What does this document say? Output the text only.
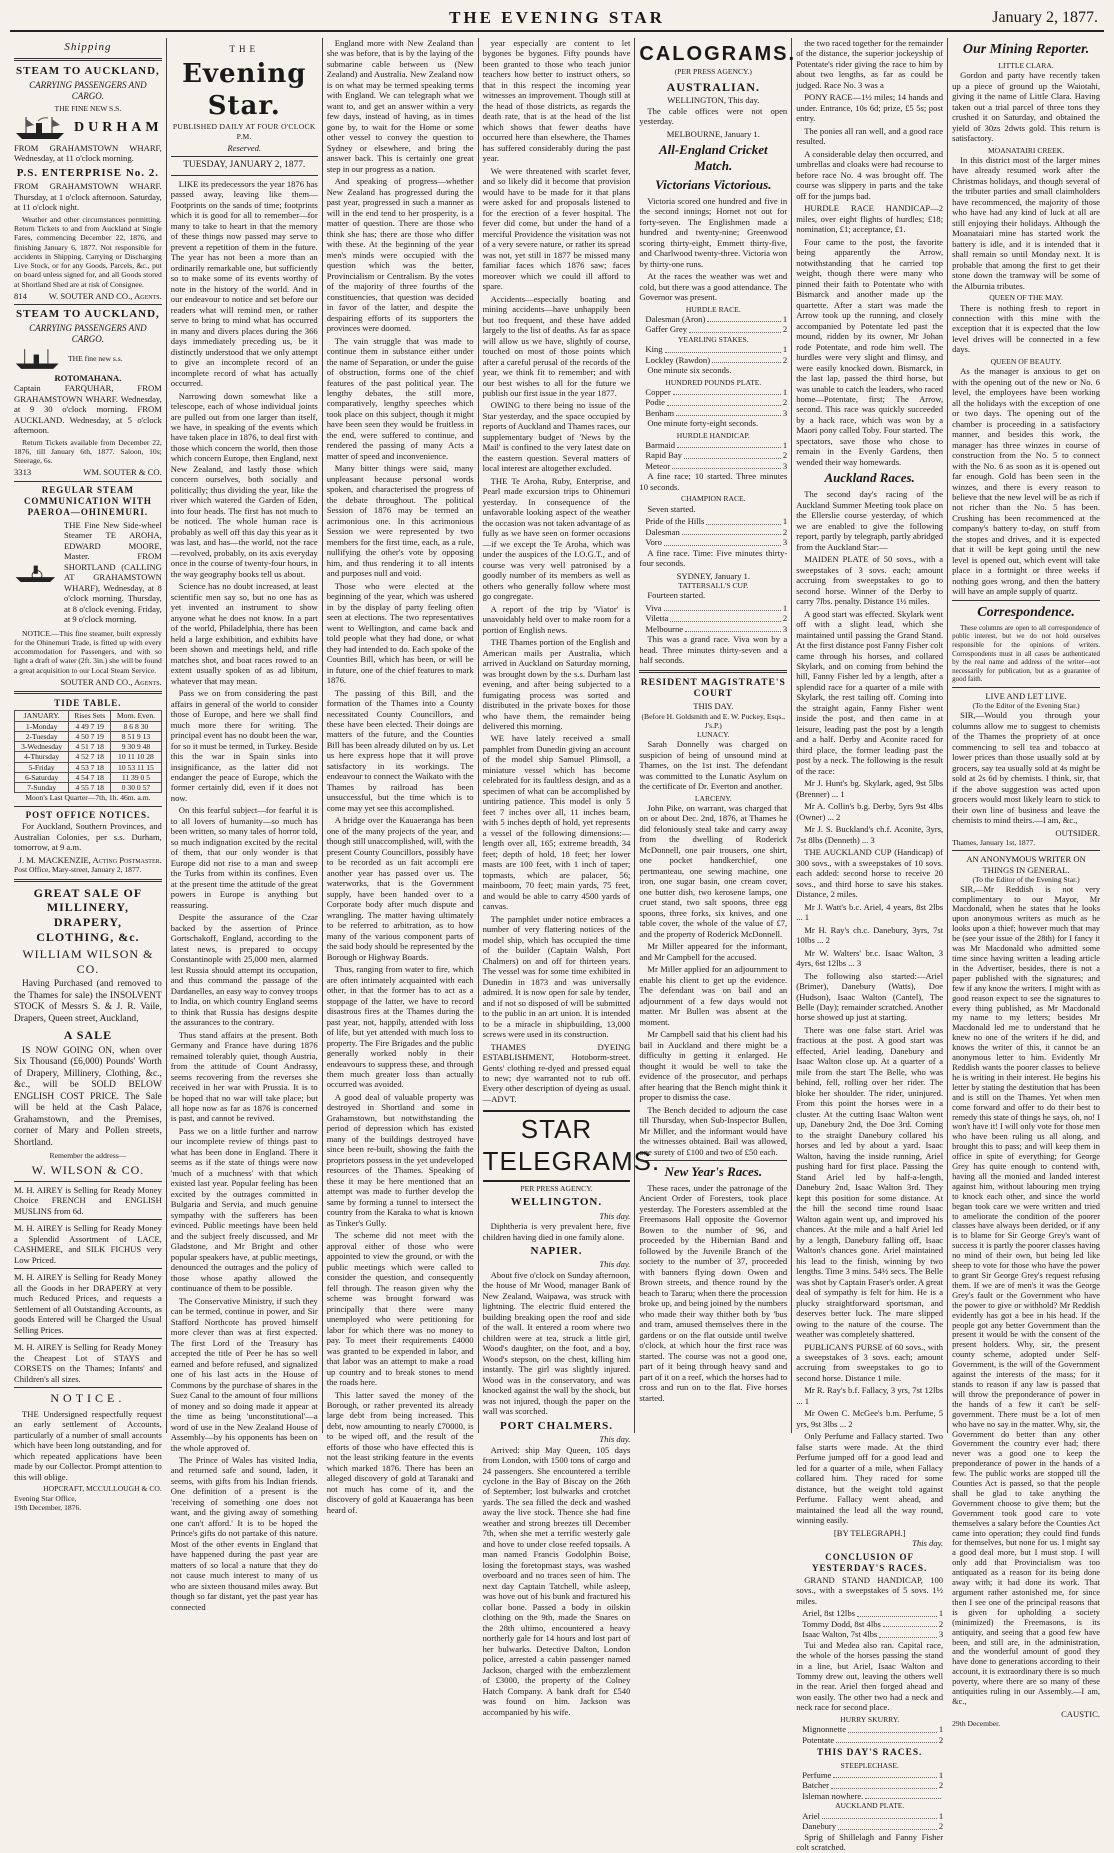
THE EVENING STAR	January 2, 1877.
Shipping
STEAM TO AUCKLAND,
CARRYING PASSENGERS AND CARGO.
THE FINE NEW S.S.
DURHAM

FROM GRAHAMSTOWN WHARF, Wednesday, at 11 o'clock morning.

P.S. ENTERPRISE No. 2.

FROM GRAHAMSTOWN WHARF. Thursday, at 1 o'clock afternoon. Saturday, at 11 o'clock night.

Weather and other circumstances permitting. Return Tickets to and from Auckland at Single Fares, commencing December 22, 1876, and finishing January 6, 1877. Not responsible for accidents in Shipping, Carrying or Discharging Live Stock, or for any Goods, Parcels, &c., put on board unless signed for, and all Goods stored at Shortland Shed are at risk of Consignee.

814	W. SOUTER AND CO., Agents.
STEAM TO AUCKLAND,
CARRYING PASSENGERS AND CARGO.
THE fine new s.s.
ROTOMAHANA.

Captain FARQUHAR, FROM GRAHAMSTOWN WHARF. Wednesday, at 9 30 o'clock morning. FROM AUCKLAND. Wednesday, at 5 o'clock afternoon.

Return Tickets available from December 22, 1876, till January 6th, 1877. Saloon, 10s; Steerage, 6s.

3313	WM. SOUTER & CO.
REGULAR STEAM COMMUNICATION WITH PAEROA—OHINEMURI.

THE Fine New Side-wheel Steamer TE AROHA, EDWARD MOORE, Master. FROM SHORTLAND (CALLING AT GRAHAMSTOWN WHARF), Wednesday, at 8 o'clock morning. Thursday, at 8 o'clock evening. Friday, at 9 o'clock morning.

NOTICE.—This fine steamer, built expressly for the Ohinemuri Trade, is fitted up with every accommodation for Passengers, and with so light a draft of water (2ft. 3in.) she will be found a great acquisition to our Local Steam Service.

SOUTER AND CO., Agents.
TIDE TABLE.
JANUARY.	Rises Sets	Morn. Even.
1-Monday	4 49 7 19	8 6 8 30
2-Tuesday	4 50 7 19	8 51 9 13
3-Wednesday	4 51 7 18	9 30 9 48
4-Thursday	4 52 7 18	10 11 10 28
5-Friday	4 53 7 18	10 53 11 15
6-Saturday	4 54 7 18	11 39 0 5
7-Sunday	4 55 7 18	0 30 0 57
Moon's Last Quarter—7th, 1h. 46m. a.m.
POST OFFICE NOTICES.

For Auckland, Southern Provinces, and Australian Colonies, per s.s. Durham, tomorrow, at 9 a.m.

J. M. MACKENZIE, Acting Postmaster.
Post Office, Mary-street, January 2, 1877.
GREAT SALE OF MILLINERY, DRAPERY, CLOTHING, &c.
WILLIAM WILSON & CO.

Having Purchased (and removed to the Thames for sale) the INSOLVENT STOCK of Messrs S. & J. R. Vaile, Drapers, Queen street, Auckland,

A SALE

IS NOW GOING ON, when over Six Thousand (£6,000) Pounds' Worth of Drapery, Millinery, Clothing, &c., &c., will be SOLD BELOW ENGLISH COST PRICE. The Sale will be held at the Cash Palace, Grahamstown, and the Premises, corner of Mary and Pollen streets, Shortland.

Remember the address—
W. WILSON & CO.

M. H. AIREY is Selling for Ready Money Choice FRENCH and ENGLISH MUSLINS from 6d.

M. H. AIREY is Selling for Ready Money a Splendid Assortment of LACE, CASHMERE, and SILK FICHUS very Low Priced.

M. H. AIREY is Selling for Ready Money all the Goods in her DRAPERY at very much Reduced Prices, and requests a Settlement of all Outstanding Accounts, as goods Entered will be Charged the Usual Selling Prices.

M. H. AIREY is Selling for Ready Money the Cheapest Lot of STAYS and CORSETS on the Thames; Infants' and Children's all sizes.

NOTICE.

THE Undersigned respectfully request an early settlement of Accounts, particularly of a number of small accounts which have been long outstanding, and for which repeated applications have been made by our Collector. Prompt attention to this will oblige.

HOPCRAFT, MCCULLOUGH & CO.
Evening Star Office,
19th December, 1876.
THE
Evening Star.
PUBLISHED DAILY AT FOUR O'CLOCK P.M.
Reserved.
TUESDAY, JANUARY 2, 1877.

LIKE its predecessors the year 1876 has passed away, leaving like them— Footprints on the sands of time; footprints which it is good for all to remember—for many to take to heart in that the memory of these things now passed may serve to prevent a repetition of them in the future. The year has not been a more than an ordinarily remarkable one, but sufficiently so to make some of its events worthy of note in the history of the world. And in our endeavour to notice and set before our readers what will remind men, or rather serve to bring to mind what has occurred in many and divers places during the 366 days immediately preceding us, be it distinctly understood that we only attempt to give an incomplete record of an incomplete record of what has actually occurred.

Narrowing down somewhat like a telescope, each of whose individual joints are pulled out from one larger than itself, we have, in speaking of the events which have taken place in 1876, to deal first with those which concern the world, then those which concern Europe, then England, next New Zealand, and lastly those which concern ourselves, both socially and politically; thus dividing the year, like the river which watered the Garden of Eden, into four heads. The first has not much to be noticed. The whole human race is probably as well off this day this year as it was last, and has—the world, not the race—revolved, probably, on its axis everyday once in the course of twenty-four hours, in the way geography books tell us about.

Science has no doubt increased, at least scientific men say so, but no one has as yet invented an instrument to show anyone what he does not know. In a part of the world, Philadelphia, there has been held a large exhibition, and exhibits have been shown and meetings held, and rifle matches shot, and boat races rowed to an extent usually spoken of as ad libitum, whatever that may mean.

Pass we on from considering the past affairs in general of the world to consider those of Europe, and here we shall find much more there for writing. The principal event has no doubt been the war, for so it must be termed, in Turkey. Beside this the war in Spain sinks into insignificance, as the latter did not endanger the peace of Europe, which the former certainly did, even if it does not now.

On this fearful subject—for fearful it is to all lovers of humanity—so much has been written, so many tales of horror told, so much indignation excited by the recital of them, that our only wonder is that Europe did not rise to a man and sweep the Turks from within its confines. Even at the present time the attitude of the great powers in Europe is anything but reassuring.

Despite the assurance of the Czar backed by the assertion of Prince Gortschakoff, England, according to the latest news, is prepared to occupy Constantinople with 25,000 men, alarmed lest Russia should attempt its occupation, and thus command the passage of the Dardanelles, an easy way to convey troops to India, on which country England seems to think that Russia has designs despite the assurances to the contrary.

Thus stand affairs at the present. Both Germany and France have during 1876 remained tolerably quiet, though Austria, from the attitude of Count Andrassy, seems recovering from the reverses she received in her war with Prussia. It is to be hoped that no war will take place; but all hope now as far as 1876 is concerned is past, and cannot be revived.

Pass we on a little further and narrow our incomplete review of things past to what has been done in England. There it seems as if the state of things were now 'much of a muchness' with that which existed last year. Popular feeling has been excited by the outrages committed in Bulgaria and Servia, and much genuine sympathy with the sufferers has been evinced. Public meetings have been held and the subject freely discussed, and Mr Gladstone, and Mr Bright and other popular speakers have, at public meetings, denounced the outrages and the policy of those whose apathy allowed the continuance of them to be possible.

The Conservative Ministry, if such they can be termed, continue in power, and Sir Stafford Northcote has proved himself more clever than was at first expected. The first Lord of the Treasury has accepted the title of Peer he has so well earned and before refused, and signalized one of his last acts in the House of Commons by the purchase of shares in the Suez Canal to the amount of four millions of money and so doing made it appear at the time as being 'unconstitutional'—a word of use in the New Zealand House of Assembly—by his opponents has been on the whole approved of.

The Prince of Wales has visited India, and returned safe and sound, laden, it seems, with gifts from his Indian friends. One definition of a present is the 'receiving of something one does not want, and the giving away of something one can't afford.' It is to be hoped the Prince's gifts do not partake of this nature. Most of the other events in England that have happened during the past year are matters of so local a nature that they do not cause much interest to many of us who are sixteen thousand miles away. But though so far distant, yet the past year has connected

England more with New Zealand than she was before, that is by the laying of the submarine cable between us (New Zealand) and Australia. New Zealand now is on what may be termed speaking terms with England. We can telegraph what we want to, and get an answer within a very few days, instead of having, as in times gone by, to wait for the Home or some other vessel to convey the question to Sydney or elsewhere, and bring the answer back. This is certainly one great step in our progress as a nation.

And speaking of progress—whether New Zealand has progressed during the past year, progressed in such a manner as will in the end tend to her prosperity, is a matter of question. There are those who think she has; there are those who differ with these. At the beginning of the year men's minds were occupied with the question which was the better, Provincialism or Centralism. By the votes of the majority of three fourths of the constituencies, that question was decided in favor of the latter, and despite the despairing efforts of its supporters the provinces were doomed.

The vain struggle that was made to continue them in substance either under the name of Separation, or under the guise of obstruction, forms one of the chief features of the past political year. The lengthy debates, the still more, comparatively, lengthy speeches which took place on this subject, though it might have been seen they would be fruitless in the end, were suffered to continue, and rendered the passing of many Acts a matter of speed and inconvenience.

Many bitter things were said, many unpleasant because personal words spoken, and characterised the progress of the debate throughout. The political Session of 1876 may be termed an acrimonious one. In this acrimonious Session we were represented by two members for the first time, each, as a rule, nullifying the other's vote by opposing him, and thus rendering it to all intents and purposes null and void.

Those who were elected at the beginning of the year, which was ushered in by the display of party feeling often seen at elections. The two representatives went to Wellington, and came back and told people what they had done, or what they had intended to do. Each spoke of the Counties Bill, which has been, or will be in future, one of the chief features to mark 1876.

The passing of this Bill, and the formation of the Thames into a County necessitated County Councillors, and these have been elected. Their doings are matters of the future, and the Counties Bill has been already diluted on by us. Let us here express hope that it will prove satisfactory in its workings. The endeavour to connect the Waikato with the Thames by railroad has been unsuccessful, but the time which is to come may yet see this accomplished.

A bridge over the Kauaeranga has been one of the many projects of the year, and though still unaccomplished, will, with the present County Councillors, possibly have to be recorded as un fait accompli ere another year has passed over us. The waterworks, that is the Government supply, have been handed over to a Corporate body after much dispute and wrangling. The matter having ultimately to be referred to arbitration, as to how many of the various component parts of the said body should be represented by the Borough or Highway Boards.

Thus, ranging from water to fire, which are often intimately acquainted with each other, in that the former has to act as a stoppage of the latter, we have to record disastrous fires at the Thames during the past year, not, happily, attended with loss of life, but yet attended with much loss to property. The Fire Brigades and the public generally worked nobly in their endeavours to suppress these, and through them much greater loss than actually occurred was avoided.

A good deal of valuable property was destroyed in Shortland and some in Grahamstown, but notwithstanding the period of depression which has existed many of the buildings destroyed have since been re-built, showing the faith the proprietors possess in the yet undeveloped resources of the Thames. Speaking of these it may be here mentioned that an attempt was made to further develop the same by forming a tunnel to intersect the country from the Karaka to what is known as Tinker's Gully.

The scheme did not meet with the approval either of those who were appointed to view the ground, or with the public meetings which were called to consider the question, and consequently fell through. The reason given why the scheme was brought forward was principally that there were many unemployed who were petitioning for labor for which there was no money to pay. To meet their requirements £4000 was granted to be expended in labor, and that labor was an attempt to make a road up country and to break stones to mend the roads here.

This latter saved the money of the Borough, or rather prevented its already large debt from being increased. This debt, now amounting to nearly £70000, is to be wiped off, and the result of the efforts of those who have effected this is not the least striking feature in the events which marked 1876. There has been an alleged discovery of gold at Taranaki and not much has come of it, and the discovery of gold at Kauaeranga has been heard of.

year especially are content to let bygones be bygones. Fifty pounds have been granted to those who teach junior teachers how better to instruct others, so that in this respect the incoming year witnesses an improvement. Though still at the head of those districts, as regards the death rate, that is at the head of the list which shows that fewer deaths have occurred here than elsewhere, the Thames has suffered considerably during the past year.

We were threatened with scarlet fever, and so likely did it become that provision would have to be made for it that plans were asked for and proposals listened to for the erection of a fever hospital. The fever did come, but under the hand of a merciful Providence the visitation was not of a very severe nature, or rather its spread was not, yet still in 1877 be missed many familiar faces which 1876 saw; faces moreover which we could ill afford to spare.

Accidents—especially boating and mining accidents—have unhappily been but too frequent, and these have added largely to the list of deaths. As far as space will allow us we have, slightly of course, touched on most of those points which after a careful perusal of the records of the year, we think fit to remember; and with our best wishes to all for the future we publish our first issue in the year 1877.

OWING to there being no issue of the Star yesterday, and the space occupied by reports of Auckland and Thames races, our supplementary budget of 'News by the Mail' is confined to the very latest date on the eastern question. Several matters of local interest are altogether excluded.

THE Te Aroha, Ruby, Enterprise, and Pearl made excursion trips to Ohinemuri yesterday. In consequence of the unfavorable looking aspect of the weather the occasion was not taken advantage of as fully as we have seen on former occasions—if we except the Te Aroha, which was under the auspices of the I.O.G.T., and of course was very well patronised by a goodly number of its members as well as others who generally follow where most go congregate.

A report of the trip by 'Viator' is unavoidably held over to make room for a portion of English news.

THE Thames portion of the English and American mails per Australia, which arrived in Auckland on Saturday morning, was brought down by the s.s. Durham last evening, and after being subjected to a fumigating process was sorted and distributed in the private boxes for those who have them, the remainder being delivered this morning.

WE have lately received a small pamphlet from Dunedin giving an account of the model ship Samuel Plimsoll, a miniature vessel which has become celebrated for its faultless design, and as a specimen of what can be accomplished by untiring patience. This model is only 5 feet 7 inches over all, 11 inches beam, with 5 inches depth of hold, yet represents a vessel of the following dimensions:—length over all, 165; extreme breadth, 34 feet; depth of hold, 18 feet; her lower masts are 100 feet, with 1 inch of taper; topmasts, which are palacer, 56; mainboom, 70 feet; main yards, 75 feet, and would be able to carry 4500 yards of canvas.

The pamphlet under notice embraces a number of very flattering notices of the model ship, which has occupied the time of the builder (Captain Walsh, Port Chalmers) on and off for thirteen years. The vessel was for some time exhibited in Dunedin in 1873 and was universally admired. It is now open for sale by tender, and if not so disposed of will be submitted to the public in an art union. It is intended to be a miracle in shipbuilding, 13,000 screws were used in its construction.

THAMES DYEING ESTABLISHMENT, Hotoborm-street. Gents' clothing re-dyed and pressed equal to new; dye warranted not to rub off. Every other description of dyeing as usual.—ADVT.

STAR TELEGRAMS.
PER PRESS AGENCY.
WELLINGTON.
This day.

Diphtheria is very prevalent here, five children having died in one family alone.

NAPIER.
This day.

About five o'clock on Sunday afternoon, the house of Mr Wood, manager Bank of New Zealand, Waipawa, was struck with lightning. The electric fluid entered the building breaking open the roof and side of the wall. It entered a room where two children were at tea, struck a little girl, Wood's daughter, on the foot, and a boy, Wood's stepson, on the chest, killing him instantly. The girl was slightly injured. Wood was in the conservatory, and was knocked against the wall by the shock, but was not injured, though the paper on the wall was scorched.

PORT CHALMERS.
This day.

Arrived: ship May Queen, 105 days from London, with 1500 tons of cargo and 24 passengers. She encountered a terrible cyclone in the Bay of Biscay on the 26th of September; lost bulwarks and crotchet yards. The sea filled the deck and washed away the live stock. Thence she had fine weather and strong breezes till December 7th, when she met a terrific westerly gale and hove to under close reefed topsails. A man named Francis Godolphin Boise, losing the foretopmast stays, was washed overboard and no traces seen of him. The next day Captain Tatchell, while asleep, was hove out of his bunk and fractured his collar bone. Passed a body in oilskin clothing on the 9th, made the Snares on the 28th ultimo, encountered a heavy northerly gale for 14 hours and lost part of her bulwarks. Detective Dalton, London police, arrested a cabin passenger named Jackson, charged with the embezzlement of £3000, the property of the Colney Hatch Company. A bank draft for £540 was found on him. Jackson was accompanied by his wife.

CALOGRAMS.
(PER PRESS AGENCY.)
AUSTRALIAN.
WELLINGTON, This day.

The cable offices were not open yesterday.

MELBOURNE, January 1.
All-England Cricket Match.
Victorians Victorious.

Victoria scored one hundred and five in the second innings; Hornet not out for forty-seven. The Englishmen made a hundred and twenty-nine; Greenwood scoring thirty-eight, Emmett thirty-five, and Charlwood twenty-three. Victoria won by thirty-one runs.

At the races the weather was wet and cold, but there was a good attendance. The Governor was present.

HURDLE RACE.
Dalesman (Aron)	1
Gaffer Grey	2
YEARLING STAKES.
King	1
Lockley (Rawdon)	2

One minute six seconds.

HUNDRED POUNDS PLATE.
Copper	1
Podie	2
Benham	3

One minute forty-eight seconds.

HURDLE HANDICAP.
Barmaid	1
Rapid Bay	2
Meteor	3

A fine race; 10 started. Three minutes 10 seconds.

CHAMPION RACE.

Seven started.

Pride of the Hills	1
Dalesman	2
Voro	3

A fine race. Time: Five minutes thirty-four seconds.

SYDNEY, January 1.
TATTERSALL'S CUP.

Fourteen started.

Viva	1
Viletta	2
Melbourne	3

This was a grand race. Viva won by a head. Three minutes thirty-seven and a half seconds.

RESIDENT MAGISTRATE'S COURT
THIS DAY.
(Before H. Goldsmith and E. W. Puckey, Esqs., J's.P.)
LUNACY.

Sarah Donnelly was charged on suspicion of being of unsound mind at Thames, on the 1st inst. The defendant was committed to the Lunatic Asylum on the certificate of Dr. Everton and another.

LARCENY.

John Pike, on warrant, was charged that on or about Dec. 2nd, 1876, at Thames he did feloniously steal take and carry away from the dwelling of Roderick McDonnell, one pair trousers, one shirt, one pocket handkerchief, one pertmanteau, one sewing machine, one iron, one sugar basin, one cream cover, one butter dish, two kerosene lamps, one cruet stand, two salt spoons, three egg spoons, three forks, six knives, and one table cover, the whole of the value of £7, and the property of Roderick McDonnell.

Mr Miller appeared for the informant, and Mr Campbell for the accused.

Mr Miller applied for an adjournment to enable his client to get up the evidence. The defendant was on bail and an adjournment of a few days would not matter. Mr Bullen was absent at the moment.

Mr Campbell said that his client had his bail in Auckland and there might be a difficulty in getting it enlarged. He thought it would be well to take the evidence of the prosecutor, and perhaps after hearing that the Bench might think it proper to dismiss the case.

The Bench decided to adjourn the case till Thursday, when Sub-Inspector Bullen, Mr Miller, and the informant would have the witnesses obtained. Bail was allowed, one surety of £100 and two of £50 each.

New Year's Races.

These races, under the patronage of the Ancient Order of Foresters, took place yesterday. The Foresters assembled at the Freemasons Hall opposite the Governor Bowen to the number of 96, and proceeded by the Hibernian Band and followed by the Juvenile Branch of the society to the number of 37, proceeded with banners flying down Owen and Brown streets, and thence round by the beach to Tararu; when there the procession broke up, and being joined by the numbers who made their way thither both by 'bus and tram, amused themselves there in the gardens or on the flat outside until twelve o'clock, at which hour the first race was started. The course was not a good one, part of it being through heavy sand and part of it on a reef, which the horses had to cross and run on to the flat. Five horses started.

the two raced together for the remainder of the distance, the superior jockeyship of Potentate's rider giving the race to him by about two lengths, as far as could be judged. Race No. 3 was a

PONY RACE—1½ miles; 14 hands and under. Entrance, 10s 6d; prize, £5 5s; post entry.

The ponies all ran well, and a good race resulted.

A considerable delay then occurred, and umbrellas and cloaks were had recourse to before race No. 4 was brought off. The course was slippery in parts and the take off for the jumps bad.

HURDLE RACE HANDICAP—2 miles, over eight flights of hurdles; £18; nomination, £1; acceptance, £1.

Four came to the post, the favorite being apparently the Arrow, notwithstanding that he carried top weight, though there were many who pinned their faith to Potentate who with Bismarck and another made up the quartette. After a start was made the Arrow took up the running, and closely accompanied by Potentate led past the mound, ridden by its owner, Mr Johan rode Potentate, and rode him well. The hurdles were very slight and flimsy, and were easily knocked down. Bismarck, in the last lap, passed the third horse, but was unable to catch the leaders, who raced home—Potentate, first; The Arrow, second. This race was quickly succeeded by a hack race, which was won by a Maori pony called Toby. Four started. The spectators, save those who chose to remain in the Evenly Gardens, then wended their way homewards.

Auckland Races.

The second day's racing of the Auckland Summer Meeting took place on the Ellerslie course yesterday, of which we are enabled to give the following report, partly by telegraph, partly abridged from the Auckland Star:—

MAIDEN PLATE of 50 sovs., with a sweepstakes of 3 sovs. each; amount accruing from sweepstakes to go to second horse. Winner of the Derby to carry 7lbs. penalty. Distance 1½ miles.

A good start was effected. Skylark went off with a slight lead, which she maintained until passing the Grand Stand. At the first distance post Fanny Fisher colt came through his horses, and collared Skylark, and on coming from behind the hill, Fanny Fisher led by a length, after a splendid race for a quarter of a mile with Skylark, the rest tailing off. Coming into the straight again, Fanny Fisher went inside the post, and then came in at leisure, leading past the post by a length and a half. Derby and Aconite raced for third place, the former leading past the post by a neck. The following is the result of the race:

Mr J. Hunt's bg. Skylark, aged, 9st 5lbs (Brenner) ... 1

Mr A. Collin's b.g. Derby, 5yrs 9st 4lbs (Owner) ... 2

Mr J. S. Buckland's ch.f. Aconite, 3yrs, 7st 8lbs (Denneth) ... 3

THE AUCKLAND CUP (Handicap) of 300 sovs., with a sweepstakes of 10 sovs. each added: second horse to receive 20 sovs., and third horse to save his stakes. Distance, 2 miles.

Mr J. Watt's b.c. Ariel, 4 years, 8st 2lbs ... 1

Mr H. Ray's ch.c. Danebury, 3yrs, 7st 10lbs ... 2

Mr W. Walters' br.c. Isaac Walton, 3 4yrs, 6st 12lbs ... 3

The following also started:—Ariel (Brimer), Danebury (Watts), Doe (Hudson), Isaac Walton (Cantel), The Belle (Day); remainder scratched. Another horse showed up just at starting.

There was one false start. Ariel was fractious at the post. A good start was effected, Ariel leading, Danebury and Isaac Walton close up. At a quarter of a mile from the start The Belle, who was behind, fell, rolling over her rider. The bloke her shoulder. The rider, uninjured. From this point the horses were in a cluster. At the cutting Isaac Walton went up, Danebury 2nd, the Doe 3rd. Coming to the straight Danebury collared his horses and led by about a yard. Isaac Walton, having the inside running, Ariel pushing hard for first place. Passing the Stand Ariel led by half-a-length, Danebury 2nd, Isaac Walton 3rd. They kept this position for some distance. At the hill the second time round Isaac Walton again went up, and improved his chances. At the mile and a half Ariel led by a length, Danebury falling off, Isaac Walton's chances gone. Ariel maintained his lead to the finish, winning by two lengths. Time 3 mins. 54½ secs. The Belle was shot by Captain Fraser's order. A great deal of sympathy is felt for him. He is a plucky straightforward sportsman, and deserves better luck. The mare slipped owing to the nature of the course. The weather was completely shattered.

PUBLICAN'S PURSE of 60 sovs., with a sweepstakes of 3 sovs. each; amount accruing from sweepstakes to go to second horse. Distance 1 mile.

Mr R. Ray's b.f. Fallacy, 3 yrs, 7st 12lbs ... 1

Mr Owen C. McGee's b.m. Perfume, 5 yrs, 9st 3lbs ... 2

Only Perfume and Fallacy started. Two false starts were made. At the third Perfume jumped off for a good lead and led for a quarter of a mile, when Fallacy collared him. They raced for some distance, but the weight told against Perfume. Fallacy went ahead, and maintained the lead all the way round, winning easily.

[BY TELEGRAPH.]
This day.
CONCLUSION OF YESTERDAY'S RACES.

GRAND STAND HANDICAP, 100 sovs., with a sweepstakes of 5 sovs. 1½ miles.

Ariel, 8st 12lbs	1
Tommy Dodd, 8st 4lbs	2
Isaac Walton, 7st 4lbs	3

Tui and Medea also ran. Capital race, the whole of the horses passing the stand in a line, but Ariel, Isaac Walton and Tommy drew out, leaving the others well in the rear. Ariel then forged ahead and won easily. The other two had a neck and neck race for second place.

HURRY SKURRY.
Mignonnette	1
Potentate	2
THIS DAY'S RACES.
STEEPLECHASE.
Perfume	1
Batcher	2
Isleman nowhere.
AUCKLAND PLATE.
Ariel	1
Danebury	2

Sprig of Shillelagh and Fanny Fisher colt scratched.

Our Mining Reporter.
LITTLE CLARA.

Gordon and party have recently taken up a piece of ground up the Waiotahi, giving it the name of Little Clara. Having taken out a trial parcel of three tons they crushed it on Saturday, and obtained the yield of 30zs 2dwts gold. This return is satisfactory.

MOANATAIRI CREEK.

In this district most of the larger mines have already resumed work after the Christmas holidays, and though several of the tributer parties and small claimholders have recommenced, the majority of those who have had any kind of luck at all are still enjoying their holidays. Although the Moanataiari mine has started work the battery is idle, and it is intended that it shall remain so until Monday next. It is probable that among the first to get their stone down the tramway will be some of the Alburnia tributes.

QUEEN OF THE MAY.

There is nothing fresh to report in connection with this mine with the exception that it is expected that the low level drives will be connected in a few days.

QUEEN OF BEAUTY.

As the manager is anxious to get on with the opening out of the new or No. 6 level, the employees have been working all the holidays with the exception of one or two days. The opening out of the chamber is proceeding in a satisfactory manner, and besides this work, the manager has three winzes in course of construction from the No. 5 to connect with the No. 6 as soon as it is opened out far enough. Gold has been seen in the winzes, and there is every reason to believe that the new level will be as rich if not richer than the No. 5 has been. Crushing has been recommenced at the company's battery to-day, on stuff from the stopes and drives, and it is expected that it will be kept going until the new level is opened out, which event will take place in a fortnight or three weeks if nothing goes wrong, and then the battery will have an ample supply of quartz.

Correspondence.

These columns are open to all correspondence of public interest, but we do not hold ourselves responsible for the opinions of writers. Correspondents must in all cases be authenticated by the real name and address of the writer—not necessarily for publication, but as a guarantee of good faith.

LIVE AND LET LIVE.
(To the Editor of the Evening Star.)

SIR,—Would you through your columns allow me to suggest to chemists of the Thames the propriety of at once commencing to sell tea and tobacco at lower prices than those usually sold at by grocers, say tea usually sold at 4s might be sold at 2s 6d by chemists. I think, sir, that if the above suggestion was acted upon grocers would most likely learn to stick to their own line of business and leave the chemists to mind theirs.—I am, &c.,

OUTSIDER.
Thames, January 1st, 1877.
AN ANONYMOUS WRITER ON THINGS IN GENERAL.
(To the Editor of the Evening Star.)

SIR,—Mr Reddish is not very complimentary to our Mayor, Mr Macdonald, when he states that he looks upon anonymous writers as much as he looks upon a thief; however much that may be (see your issue of the 28th) for I fancy it was Mr Macdonald who admitted some time since having written a leading article in the Advertiser, besides, there is not a paper published with the signatures; and few if any know the writers. I might with as good reason expect to see the signatures to every thing published, as Mr Macdonald my name to my letters; besides Mr Macdonald led me to understand that he knew no one of the writers if he did, and knows the writer of this, it cannot be an anonymous letter to him. Evidently Mr Reddish wants the poorer classes to believe he is writing in their interest. He begins his letter by stating the destitution that has been and is still on the Thames. Yet when men come forward and offer to do their best to remedy this state of things he says, oh, no! I won't have it! I will only vote for those men who have been ruling us all along, and brought this to pass; and will keep them in office in spite of everything; for George Grey has quite enough to contend with, having all the monied and landed interest against him, without labouring men trying to knock each other, and since the world began took care we were written and tried to ameliorate the condition of the poorer classes have always been derided, or if any is to blame for Sir George Grey's want of success it is partly the poorer classes having no mind of their own, but being led like sheep to vote for those who have the power to grant Sir George Grey's request refusing them. If we are of men's it was the George Grey's fault or the Government who have the power to give or withhold? Mr Reddish evidently has got a bee in his head. If the people got any better Government than the present it would be with the consent of the present holders. Why, sir, the present county scheme, adopted under Self-Government, is the will of the Government against the interests of the mass; for it stands to reason if any law is passed that will throw the preponderance of power in the hands of a few it can't be self-government. There must be a lot of men who have no say in the matter. Why, sir, the Government do better than any other Government the country ever had; there never was a good one to keep the preponderance of power in the hands of a few. The public works are stopped till the Counties Act is passed, so that the people shall be glad to take anything the Government choose to give them; but the Government took good care to vote themselves a salary before the Counties Act came into operation; they could find funds for themselves, but none for us. I might say a good deal more, but I must stop. I will only add that Provincialism was too antiquated as a reason for its being done away with; it had done its work. That argument rather astonished me, for since then I see one of the principal reasons that is given for upholding a society (minimized) the Freemasons, is its antiquity, and seeing that a good few have been, and still are, in the administration, and the wonderful amount of good they have done to generations according to their account, it is extraordinary there is so much poverty, where there are so many of these antiquities ruling in our Assembly.—I am, &c.,

CAUSTIC.
29th December.
